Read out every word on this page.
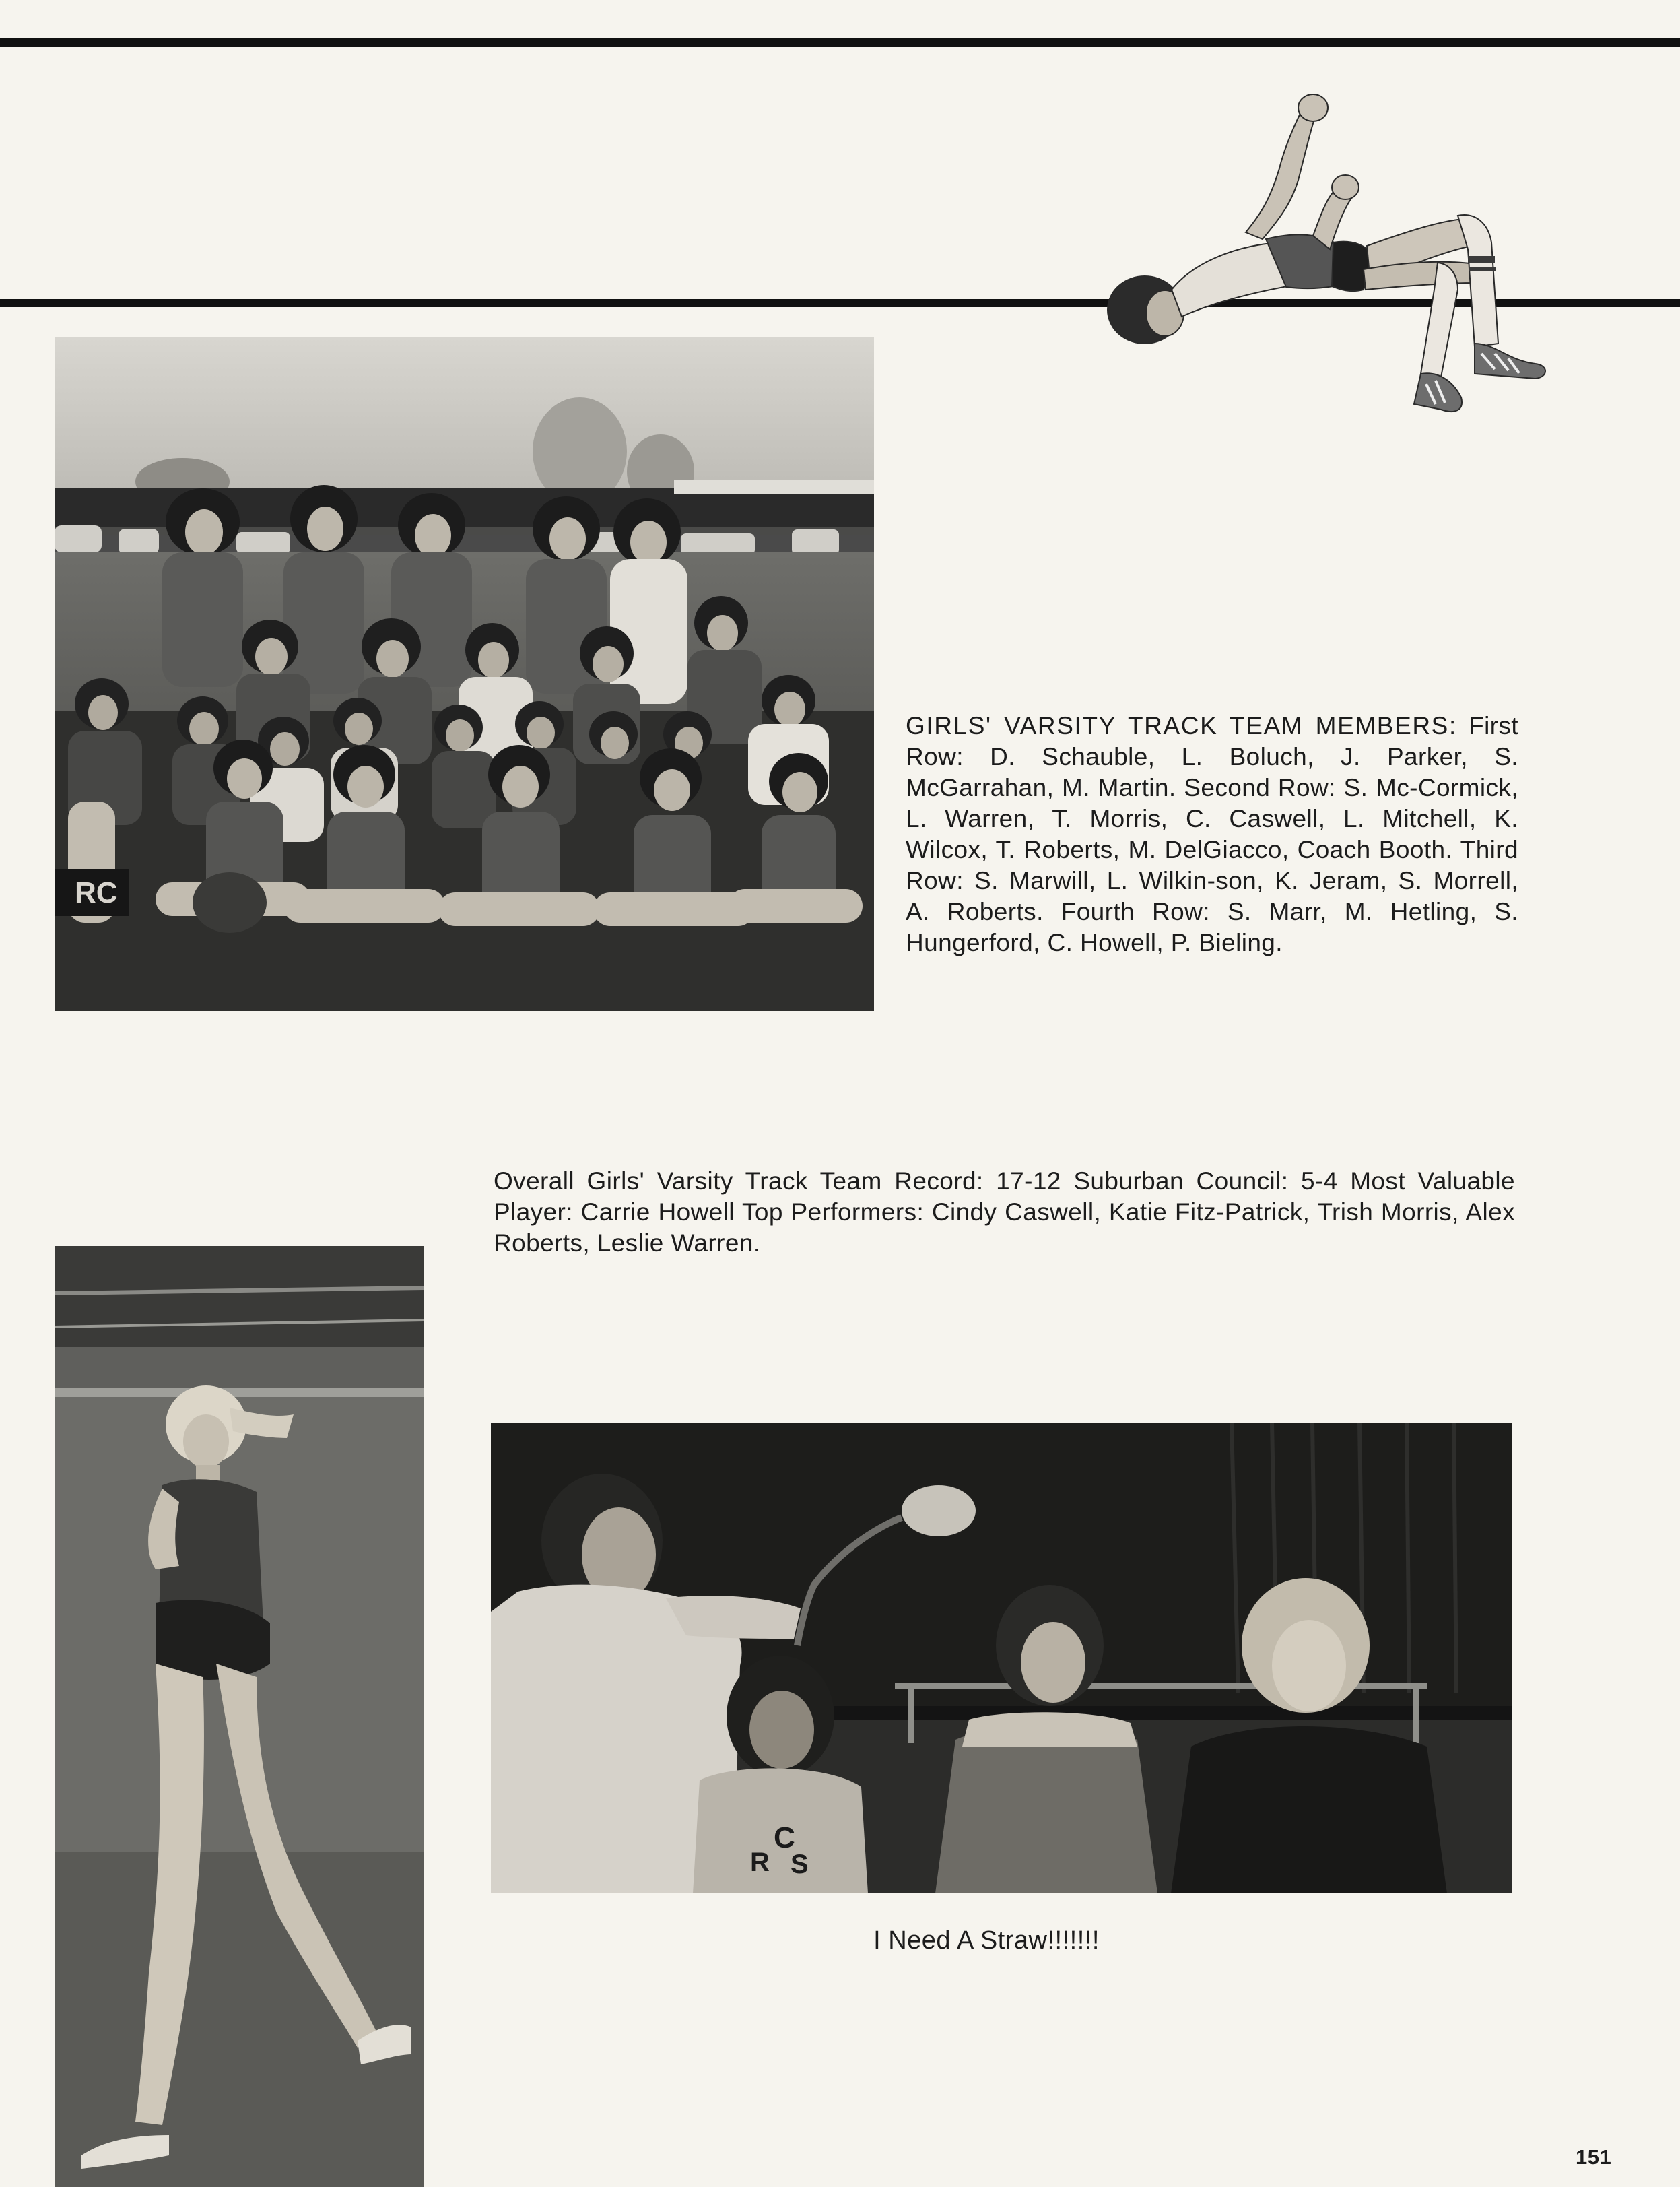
RC
GIRLS' VARSITY TRACK TEAM MEMBERS: First Row: D. Schauble, L. Boluch, J. Parker, S. McGarrahan, M. Martin. Second Row: S. Mc-Cormick, L. Warren, T. Morris, C. Caswell, L. Mitchell, K. Wilcox, T. Roberts, M. DelGiacco, Coach Booth. Third Row: S. Marwill, L. Wilkin-son, K. Jeram, S. Morrell, A. Roberts. Fourth Row: S. Marr, M. Hetling, S. Hungerford, C. Howell, P. Bieling.

Overall Girls' Varsity Track Team Record: 17-12 Suburban Council: 5-4 Most Valuable Player: Carrie Howell Top Performers: Cindy Caswell, Katie Fitz-Patrick, Trish Morris, Alex Roberts, Leslie Warren.

C
R S

I Need A Straw!!!!!!!

151
